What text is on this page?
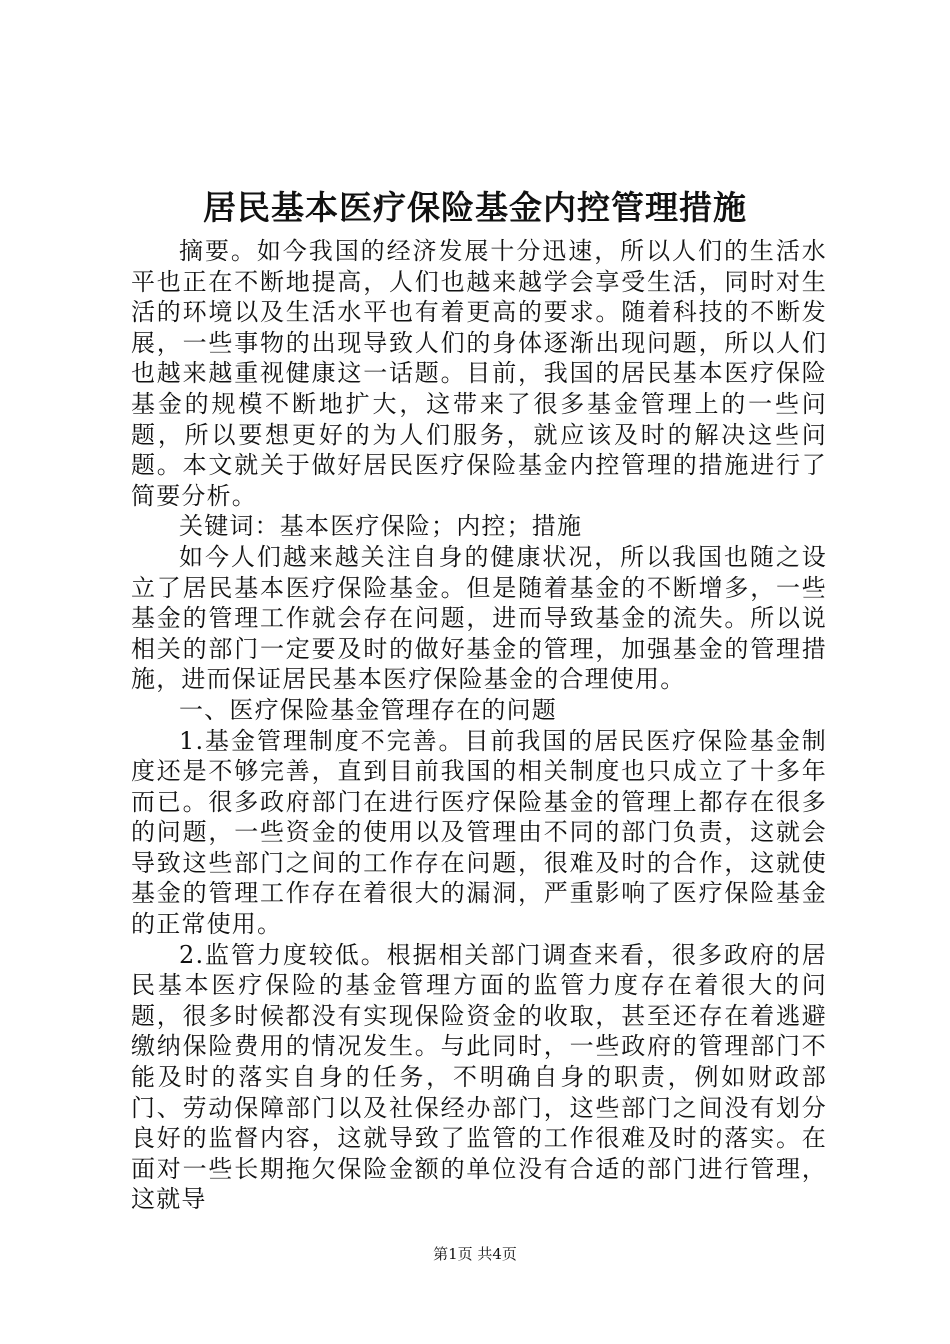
居民基本医疗保险基金内控管理措施

摘要。如今我国的经济发展十分迅速，所以人们的生活水平也正在不断地提高，人们也越来越学会享受生活，同时对生活的环境以及生活水平也有着更高的要求。随着科技的不断发展，一些事物的出现导致人们的身体逐渐出现问题，所以人们也越来越重视健康这一话题。目前，我国的居民基本医疗保险基金的规模不断地扩大，这带来了很多基金管理上的一些问题，所以要想更好的为人们服务，就应该及时的解决这些问题。本文就关于做好居民医疗保险基金内控管理的措施进行了简要分析。

关键词：基本医疗保险；内控；措施

如今人们越来越关注自身的健康状况，所以我国也随之设立了居民基本医疗保险基金。但是随着基金的不断增多，一些基金的管理工作就会存在问题，进而导致基金的流失。所以说相关的部门一定要及时的做好基金的管理，加强基金的管理措施，进而保证居民基本医疗保险基金的合理使用。

一、医疗保险基金管理存在的问题

1.基金管理制度不完善。目前我国的居民医疗保险基金制度还是不够完善，直到目前我国的相关制度也只成立了十多年而已。很多政府部门在进行医疗保险基金的管理上都存在很多的问题，一些资金的使用以及管理由不同的部门负责，这就会导致这些部门之间的工作存在问题，很难及时的合作，这就使基金的管理工作存在着很大的漏洞，严重影响了医疗保险基金的正常使用。

2.监管力度较低。根据相关部门调查来看，很多政府的居民基本医疗保险的基金管理方面的监管力度存在着很大的问题，很多时候都没有实现保险资金的收取，甚至还存在着逃避缴纳保险费用的情况发生。与此同时，一些政府的管理部门不能及时的落实自身的任务，不明确自身的职责，例如财政部门、劳动保障部门以及社保经办部门，这些部门之间没有划分良好的监督内容，这就导致了监管的工作很难及时的落实。在面对一些长期拖欠保险金额的单位没有合适的部门进行管理，这就导

第1页 共4页
